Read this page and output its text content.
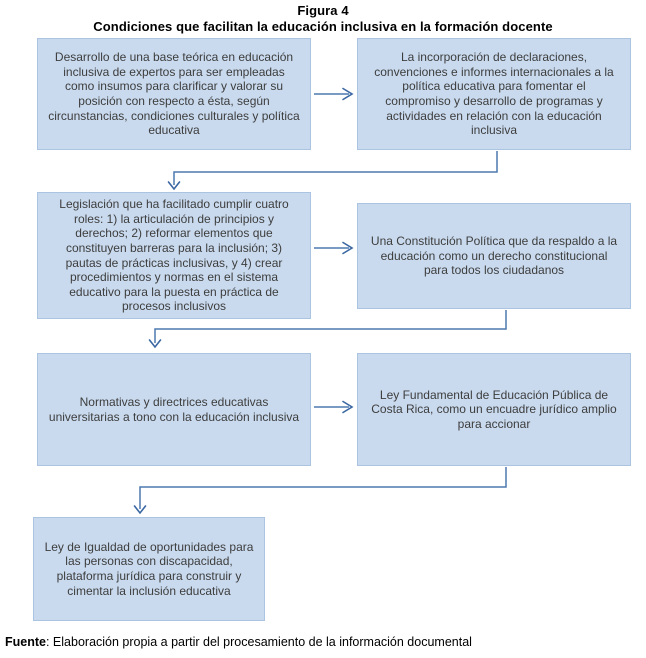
Figura 4
Condiciones que facilitan la educación inclusiva en la formación docente
Desarrollo de una base teórica en educación inclusiva de expertos para ser empleadas como insumos para clarificar y valorar su posición con respecto a ésta, según circunstancias, condiciones culturales y política educativa
La incorporación de declaraciones, convenciones e informes internacionales a la política educativa para fomentar el compromiso y desarrollo de programas y actividades en relación con la educación inclusiva
Legislación que ha facilitado cumplir cuatro roles: 1) la articulación de principios y derechos; 2) reformar elementos que constituyen barreras para la inclusión; 3) pautas de prácticas inclusivas, y 4) crear procedimientos y normas en el sistema educativo para la puesta en práctica de procesos inclusivos
Una Constitución Política que da respaldo a la educación como un derecho constitucional para todos los ciudadanos
Normativas y directrices educativas universitarias a tono con la educación inclusiva
Ley Fundamental de Educación Pública de Costa Rica, como un encuadre jurídico amplio para accionar
Ley de Igualdad de oportunidades para las personas con discapacidad, plataforma jurídica para construir y cimentar la inclusión educativa
Fuente: Elaboración propia a partir del procesamiento de la información documental
